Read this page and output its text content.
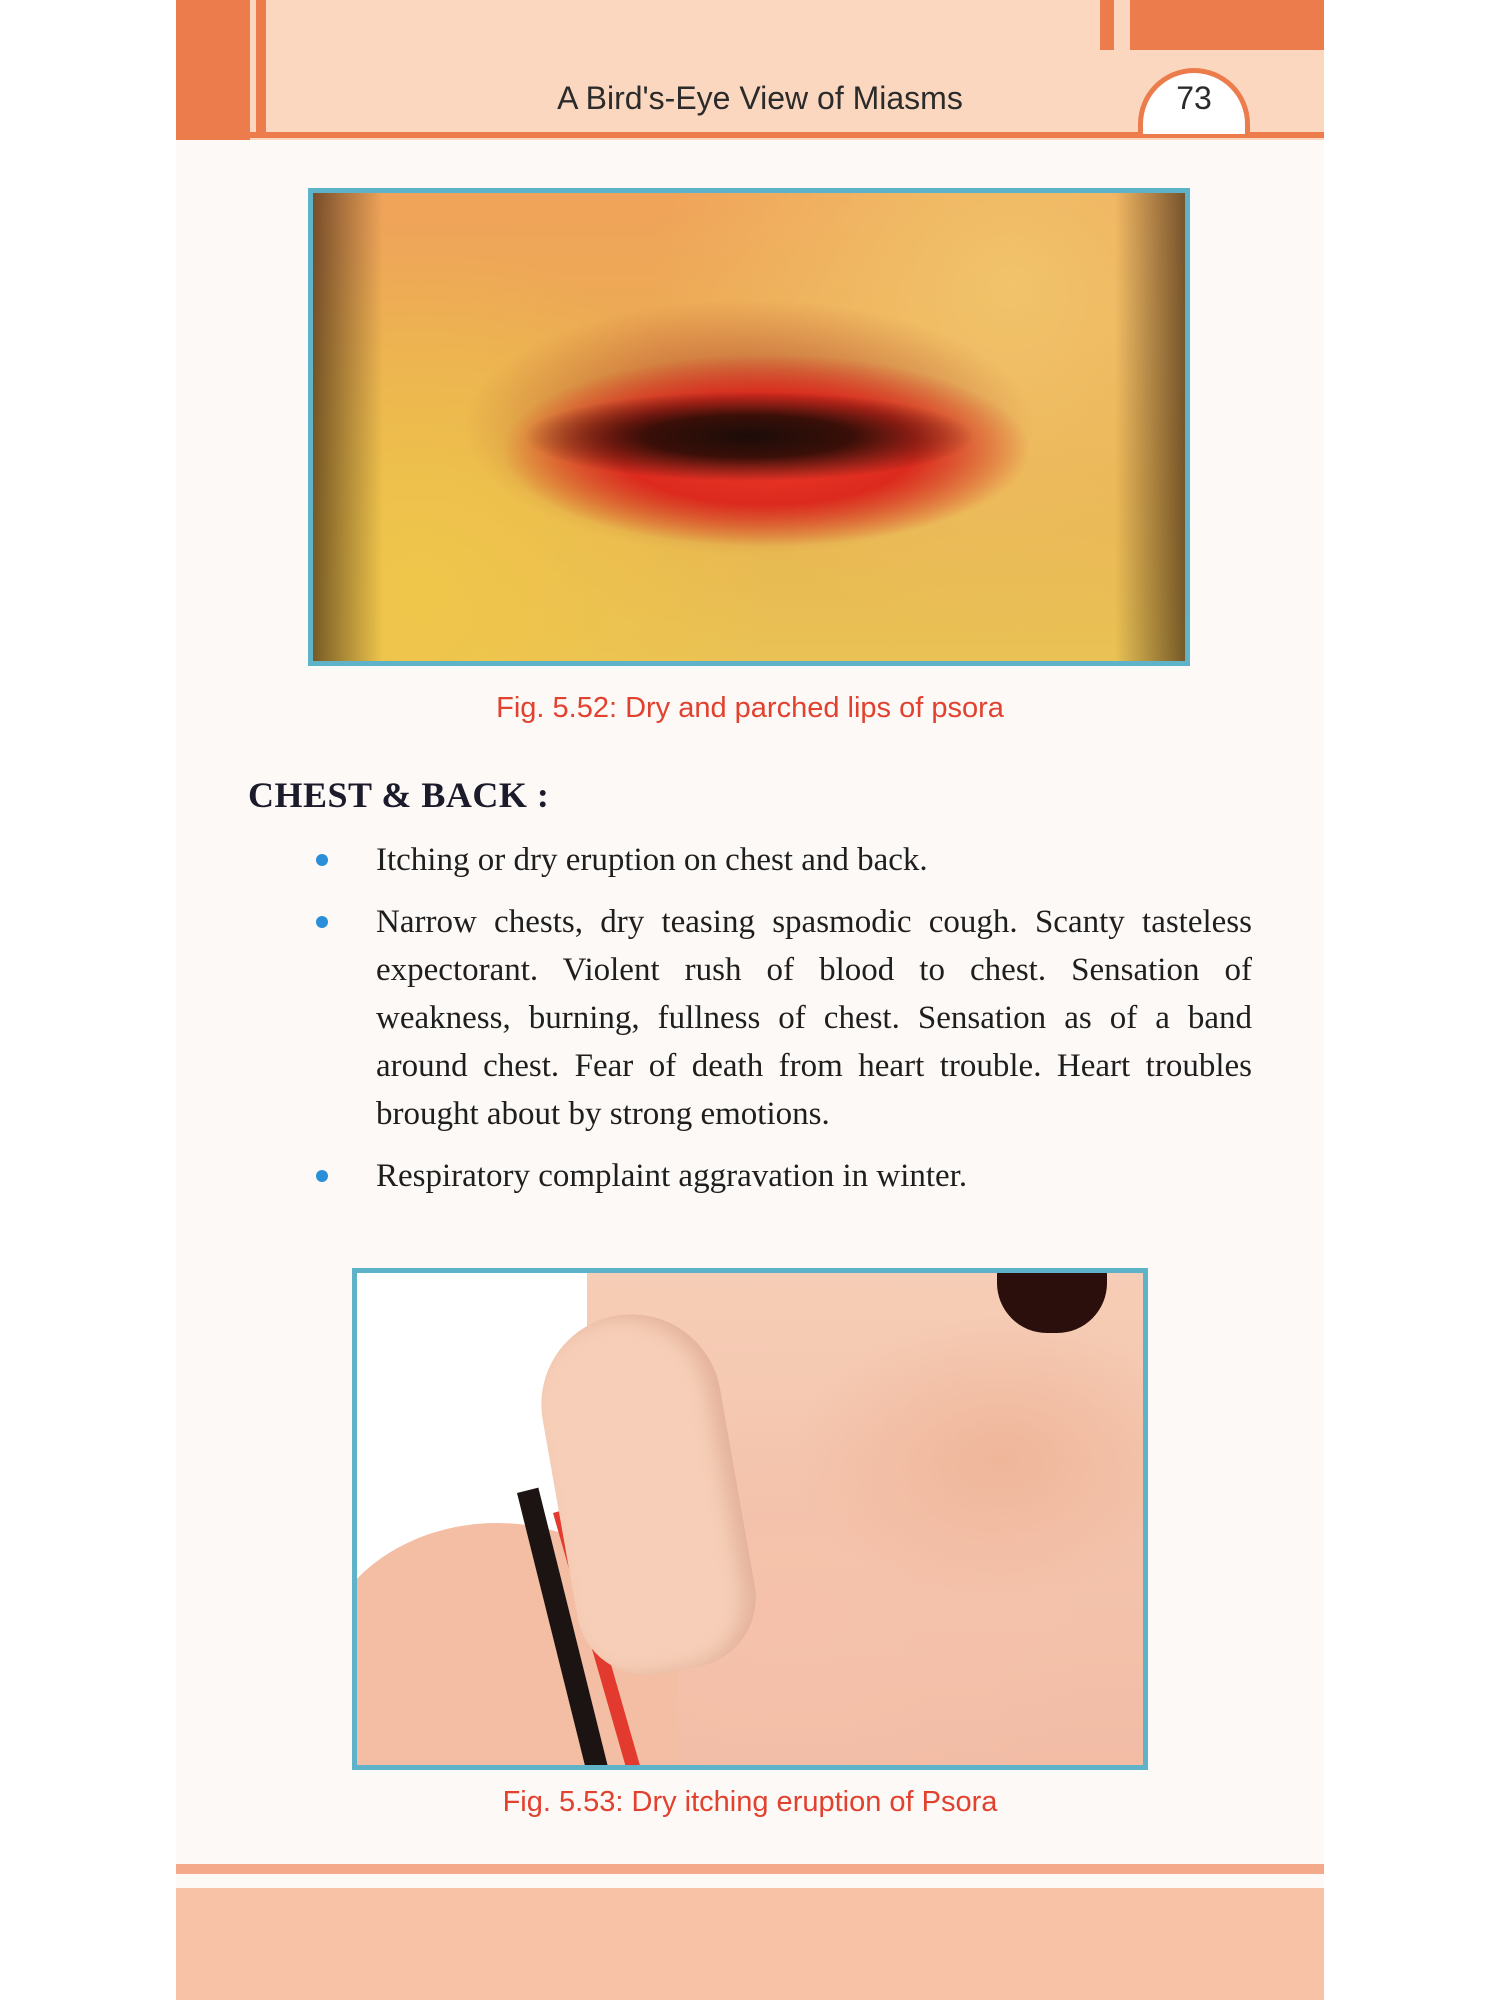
A Bird's-Eye View of Miasms	73
Fig. 5.52: Dry and parched lips of psora
CHEST & BACK :
Itching or dry eruption on chest and back.
Narrow chests, dry teasing spasmodic cough. Scanty tasteless expectorant. Violent rush of blood to chest. Sensation of weakness, burning, fullness of chest. Sensation as of a band around chest. Fear of death from heart trouble. Heart troubles brought about by strong emotions.
Respiratory complaint aggravation in winter.
Fig. 5.53: Dry itching eruption of Psora
